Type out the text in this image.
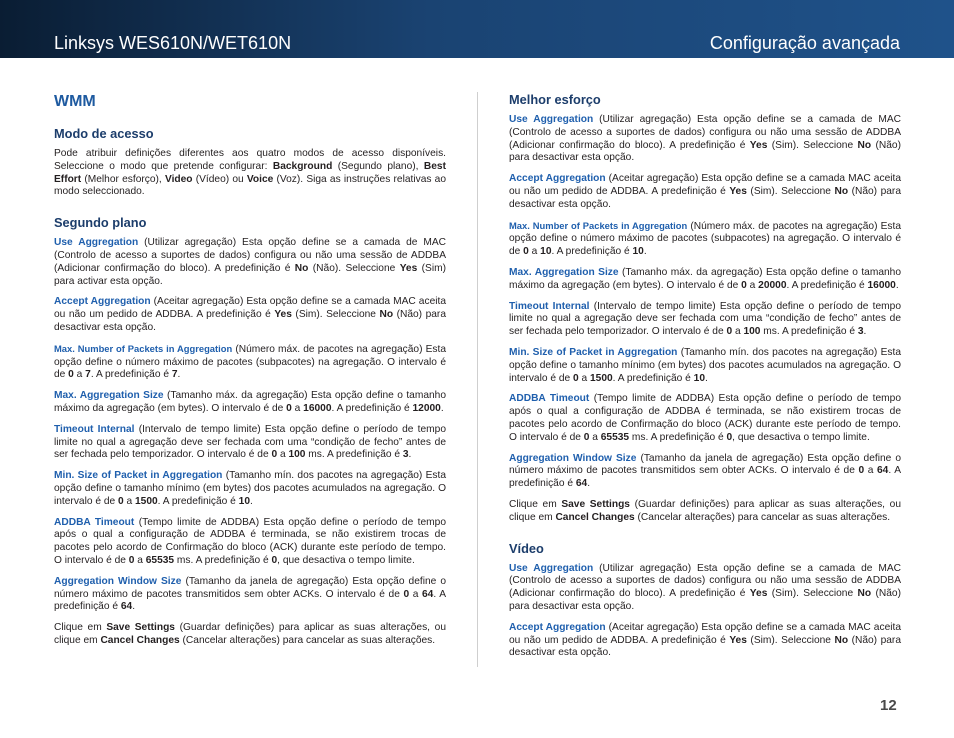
Linksys WES610N/WET610N	Configuração avançada
WMM
Modo de acesso

Pode atribuir definições diferentes aos quatro modos de acesso disponíveis. Seleccione o modo que pretende configurar: Background (Segundo plano), Best Effort (Melhor esforço), Video (Vídeo) ou Voice (Voz). Siga as instruções relativas ao modo seleccionado.

Segundo plano

Use Aggregation (Utilizar agregação) Esta opção define se a camada de MAC (Controlo de acesso a suportes de dados) configura ou não uma sessão de ADDBA (Adicionar confirmação do bloco). A predefinição é No (Não). Seleccione Yes (Sim) para activar esta opção.

Accept Aggregation (Aceitar agregação) Esta opção define se a camada MAC aceita ou não um pedido de ADDBA. A predefinição é Yes (Sim). Seleccione No (Não) para desactivar esta opção.

Max. Number of Packets in Aggregation (Número máx. de pacotes na agregação) Esta opção define o número máximo de pacotes (subpacotes) na agregação. O intervalo é de 0 a 7. A predefinição é 7.

Max. Aggregation Size (Tamanho máx. da agregação) Esta opção define o tamanho máximo da agregação (em bytes). O intervalo é de 0 a 16000. A predefinição é 12000.

Timeout Internal (Intervalo de tempo limite) Esta opção define o período de tempo limite no qual a agregação deve ser fechada com uma “condição de fecho” antes de ser fechada pelo temporizador. O intervalo é de 0 a 100 ms. A predefinição é 3.

Min. Size of Packet in Aggregation (Tamanho mín. dos pacotes na agregação) Esta opção define o tamanho mínimo (em bytes) dos pacotes acumulados na agregação. O intervalo é de 0 a 1500. A predefinição é 10.

ADDBA Timeout (Tempo limite de ADDBA) Esta opção define o período de tempo após o qual a configuração de ADDBA é terminada, se não existirem trocas de pacotes pelo acordo de Confirmação do bloco (ACK) durante este período de tempo. O intervalo é de 0 a 65535 ms. A predefinição é 0, que desactiva o tempo limite.

Aggregation Window Size (Tamanho da janela de agregação) Esta opção define o número máximo de pacotes transmitidos sem obter ACKs. O intervalo é de 0 a 64. A predefinição é 64.

Clique em Save Settings (Guardar definições) para aplicar as suas alterações, ou clique em Cancel Changes (Cancelar alterações) para cancelar as suas alterações.

Melhor esforço

Use Aggregation (Utilizar agregação) Esta opção define se a camada de MAC (Controlo de acesso a suportes de dados) configura ou não uma sessão de ADDBA (Adicionar confirmação do bloco). A predefinição é Yes (Sim). Seleccione No (Não) para desactivar esta opção.

Accept Aggregation (Aceitar agregação) Esta opção define se a camada MAC aceita ou não um pedido de ADDBA. A predefinição é Yes (Sim). Seleccione No (Não) para desactivar esta opção.

Max. Number of Packets in Aggregation (Número máx. de pacotes na agregação) Esta opção define o número máximo de pacotes (subpacotes) na agregação. O intervalo é de 0 a 10. A predefinição é 10.

Max. Aggregation Size (Tamanho máx. da agregação) Esta opção define o tamanho máximo da agregação (em bytes). O intervalo é de 0 a 20000. A predefinição é 16000.

Timeout Internal (Intervalo de tempo limite) Esta opção define o período de tempo limite no qual a agregação deve ser fechada com uma “condição de fecho” antes de ser fechada pelo temporizador. O intervalo é de 0 a 100 ms. A predefinição é 3.

Min. Size of Packet in Aggregation (Tamanho mín. dos pacotes na agregação) Esta opção define o tamanho mínimo (em bytes) dos pacotes acumulados na agregação. O intervalo é de 0 a 1500. A predefinição é 10.

ADDBA Timeout (Tempo limite de ADDBA) Esta opção define o período de tempo após o qual a configuração de ADDBA é terminada, se não existirem trocas de pacotes pelo acordo de Confirmação do bloco (ACK) durante este período de tempo. O intervalo é de 0 a 65535 ms. A predefinição é 0, que desactiva o tempo limite.

Aggregation Window Size (Tamanho da janela de agregação) Esta opção define o número máximo de pacotes transmitidos sem obter ACKs. O intervalo é de 0 a 64. A predefinição é 64.

Clique em Save Settings (Guardar definições) para aplicar as suas alterações, ou clique em Cancel Changes (Cancelar alterações) para cancelar as suas alterações.

Vídeo

Use Aggregation (Utilizar agregação) Esta opção define se a camada de MAC (Controlo de acesso a suportes de dados) configura ou não uma sessão de ADDBA (Adicionar confirmação do bloco). A predefinição é Yes (Sim). Seleccione No (Não) para desactivar esta opção.

Accept Aggregation (Aceitar agregação) Esta opção define se a camada MAC aceita ou não um pedido de ADDBA. A predefinição é Yes (Sim). Seleccione No (Não) para desactivar esta opção.

12
